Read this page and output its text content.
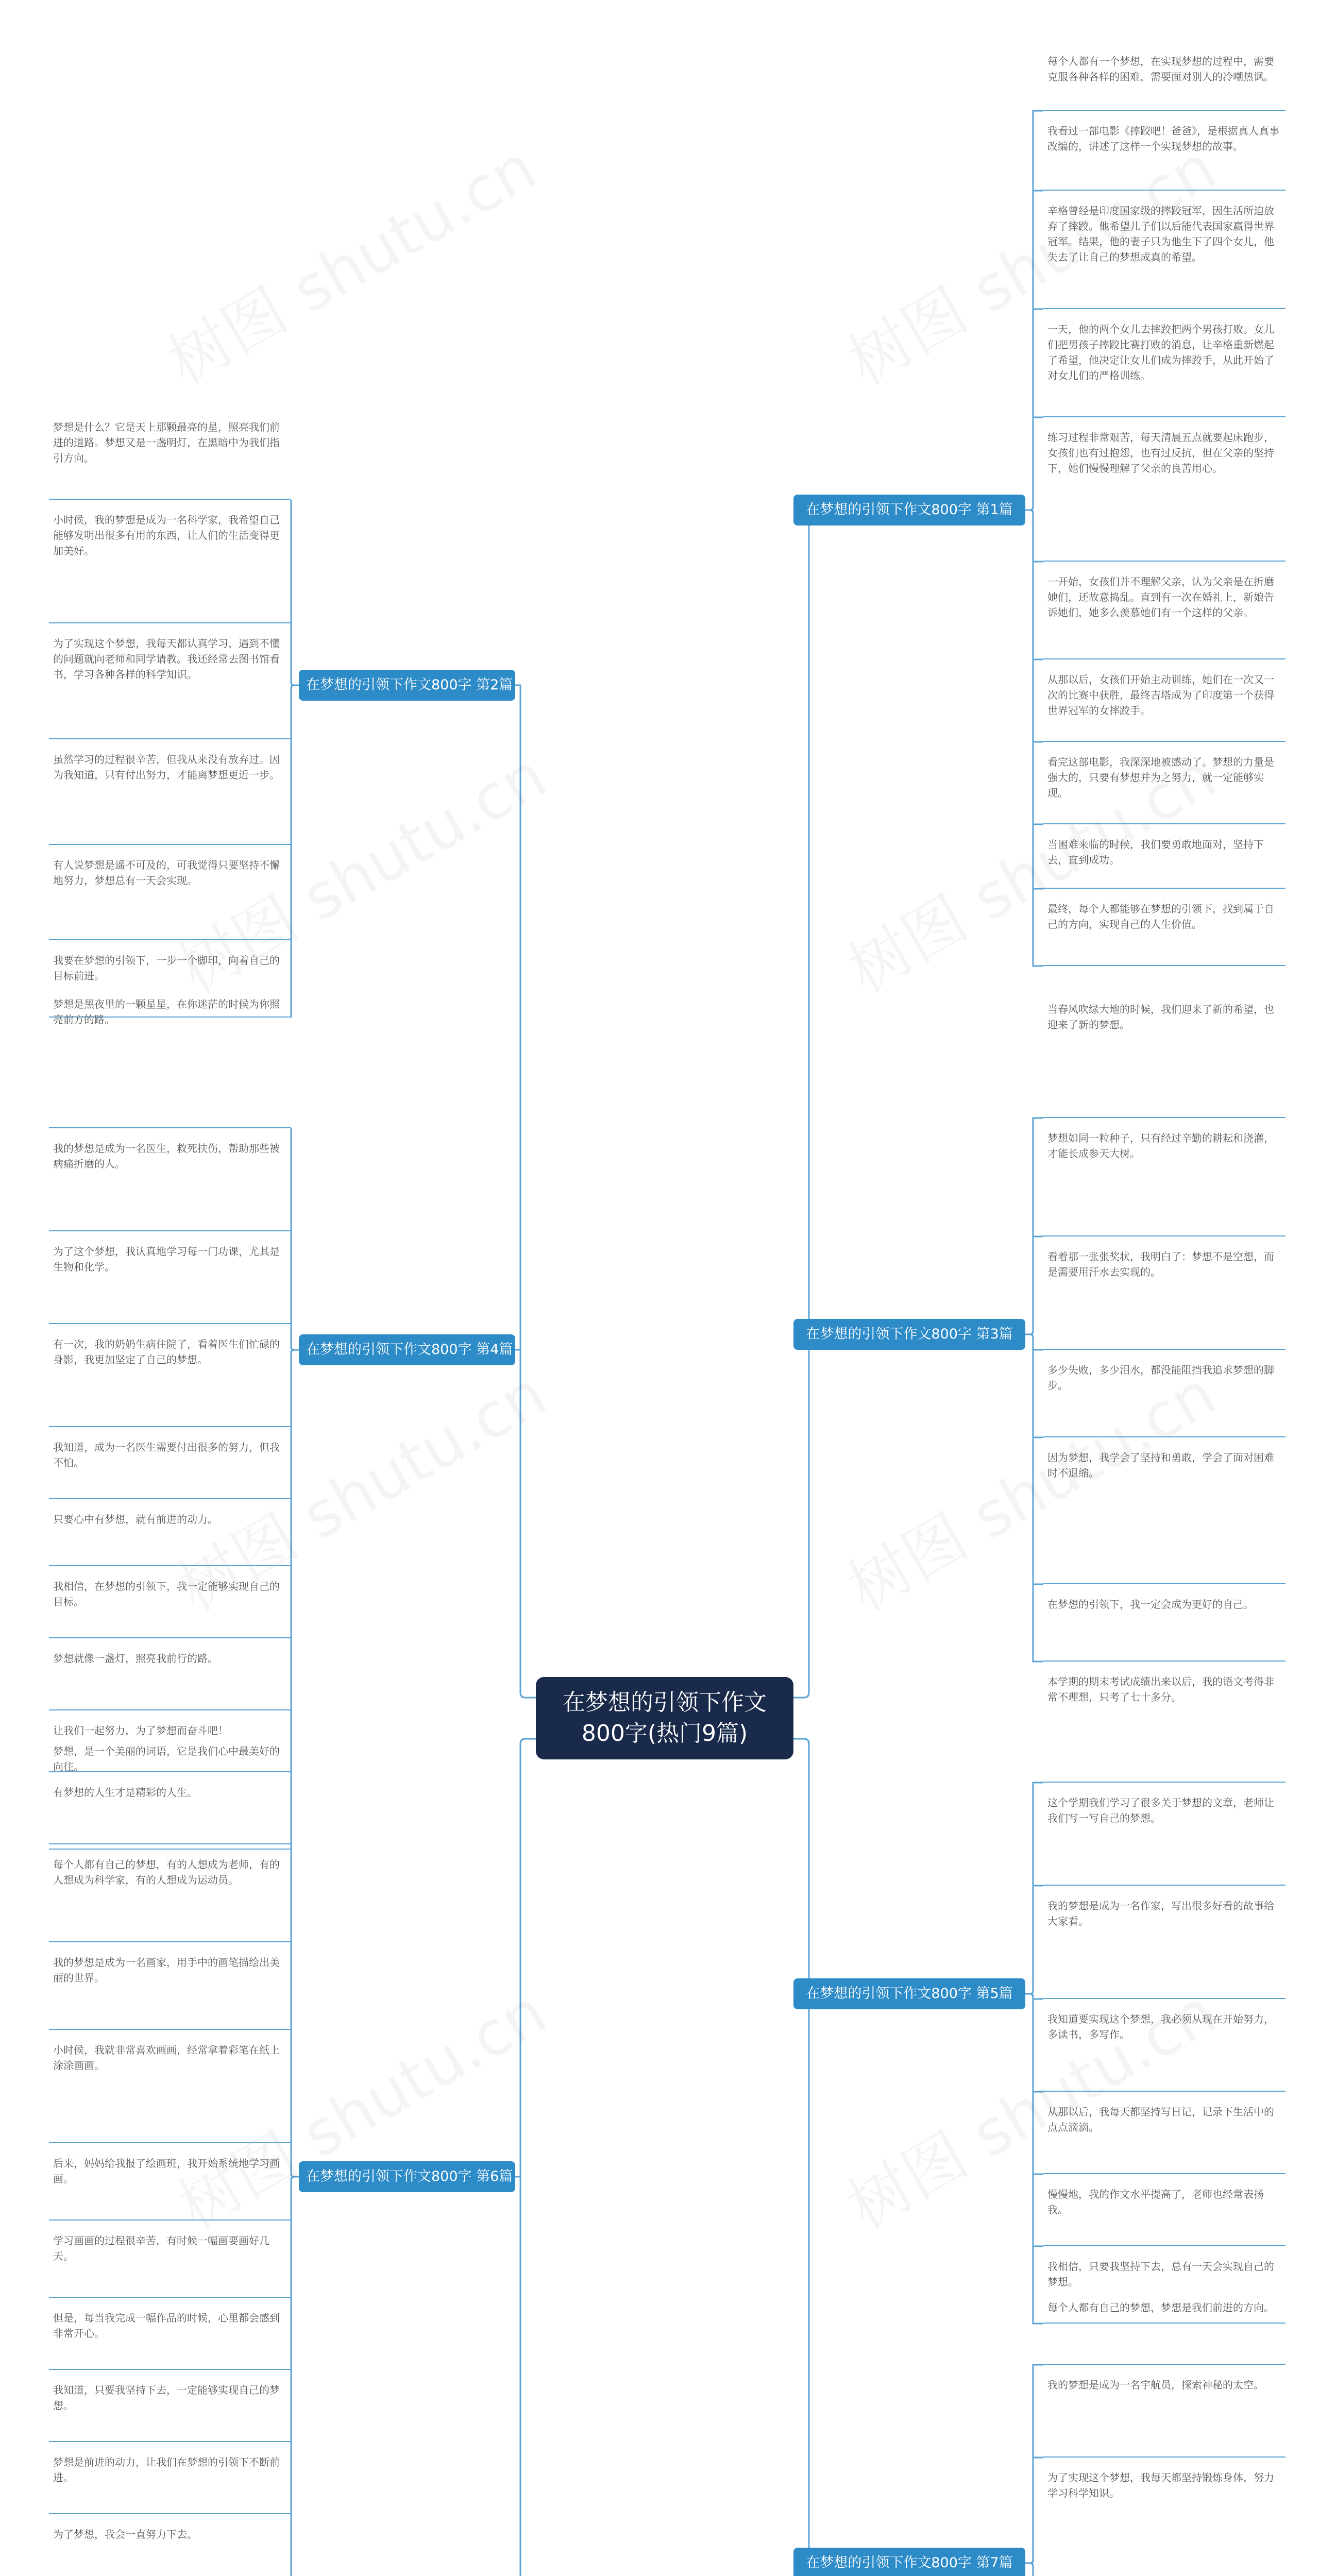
在梦想的引领下作文800字(热门9篇)
在梦想的引领下作文800字 第1篇
每个人都有一个梦想，在实现梦想的过程中，需要克服各种各样的困难，需要面对别人的冷嘲热讽。
我看过一部电影《摔跤吧！爸爸》，是根据真人真事改编的，讲述了这样一个实现梦想的故事。
辛格曾经是印度国家级的摔跤冠军，因生活所迫放弃了摔跤。他希望儿子们以后能代表国家赢得世界冠军。结果，他的妻子只为他生下了四个女儿，他失去了让自己的梦想成真的希望。
一天，他的两个女儿去摔跤把两个男孩打败。女儿们把男孩子摔跤比赛打败的消息，让辛格重新燃起了希望，他决定让女儿们成为摔跤手，从此开始了对女儿们的严格训练。
练习过程非常艰苦，每天清晨五点就要起床跑步，女孩们也有过抱怨，也有过反抗，但在父亲的坚持下，她们慢慢理解了父亲的良苦用心。
一开始，女孩们并不理解父亲，认为父亲是在折磨她们，还故意捣乱。直到有一次在婚礼上，新娘告诉她们，她多么羡慕她们有一个这样的父亲。
从那以后，女孩们开始主动训练，她们在一次又一次的比赛中获胜，最终吉塔成为了印度第一个获得世界冠军的女摔跤手。
看完这部电影，我深深地被感动了。梦想的力量是强大的，只要有梦想并为之努力，就一定能够实现。
当困难来临的时候，我们要勇敢地面对，坚持下去，直到成功。
最终，每个人都能够在梦想的引领下，找到属于自己的方向，实现自己的人生价值。
在梦想的引领下作文800字 第2篇
梦想是什么？它是天上那颗最亮的星，照亮我们前进的道路。梦想又是一盏明灯，在黑暗中为我们指引方向。
小时候，我的梦想是成为一名科学家，我希望自己能够发明出很多有用的东西，让人们的生活变得更加美好。
为了实现这个梦想，我每天都认真学习，遇到不懂的问题就向老师和同学请教。我还经常去图书馆看书，学习各种各样的科学知识。
虽然学习的过程很辛苦，但我从来没有放弃过。因为我知道，只有付出努力，才能离梦想更近一步。
有人说梦想是遥不可及的，可我觉得只要坚持不懈地努力，梦想总有一天会实现。
我要在梦想的引领下，一步一个脚印，向着自己的目标前进。
在梦想的引领下作文800字 第3篇
当春风吹绿大地的时候，我们迎来了新的希望，也迎来了新的梦想。
梦想如同一粒种子，只有经过辛勤的耕耘和浇灌，才能长成参天大树。
看着那一张张奖状，我明白了：梦想不是空想，而是需要用汗水去实现的。
多少失败，多少泪水，都没能阻挡我追求梦想的脚步。
因为梦想，我学会了坚持和勇敢，学会了面对困难时不退缩。
在梦想的引领下，我一定会成为更好的自己。
在梦想的引领下作文800字 第4篇
梦想是黑夜里的一颗星星，在你迷茫的时候为你照亮前方的路。
我的梦想是成为一名医生，救死扶伤，帮助那些被病痛折磨的人。
为了这个梦想，我认真地学习每一门功课，尤其是生物和化学。
有一次，我的奶奶生病住院了，看着医生们忙碌的身影，我更加坚定了自己的梦想。
我知道，成为一名医生需要付出很多的努力，但我不怕。
只要心中有梦想，就有前进的动力。
我相信，在梦想的引领下，我一定能够实现自己的目标。
梦想就像一盏灯，照亮我前行的路。
让我们一起努力，为了梦想而奋斗吧！
有梦想的人生才是精彩的人生。
在梦想的引领下作文800字 第5篇
本学期的期末考试成绩出来以后，我的语文考得非常不理想，只考了七十多分。
这个学期我们学习了很多关于梦想的文章，老师让我们写一写自己的梦想。
我的梦想是成为一名作家，写出很多好看的故事给大家看。
我知道要实现这个梦想，我必须从现在开始努力，多读书，多写作。
从那以后，我每天都坚持写日记，记录下生活中的点点滴滴。
慢慢地，我的作文水平提高了，老师也经常表扬我。
我相信，只要我坚持下去，总有一天会实现自己的梦想。
在梦想的引领下作文800字 第6篇
梦想，是一个美丽的词语，它是我们心中最美好的向往。
每个人都有自己的梦想，有的人想成为老师，有的人想成为科学家，有的人想成为运动员。
我的梦想是成为一名画家，用手中的画笔描绘出美丽的世界。
小时候，我就非常喜欢画画，经常拿着彩笔在纸上涂涂画画。
后来，妈妈给我报了绘画班，我开始系统地学习画画。
学习画画的过程很辛苦，有时候一幅画要画好几天。
但是，每当我完成一幅作品的时候，心里都会感到非常开心。
我知道，只要我坚持下去，一定能够实现自己的梦想。
梦想是前进的动力，让我们在梦想的引领下不断前进。
为了梦想，我会一直努力下去。
在梦想的引领下作文800字 第7篇
每个人都有自己的梦想，梦想是我们前进的方向。
我的梦想是成为一名宇航员，探索神秘的太空。
为了实现这个梦想，我每天都坚持锻炼身体，努力学习科学知识。
